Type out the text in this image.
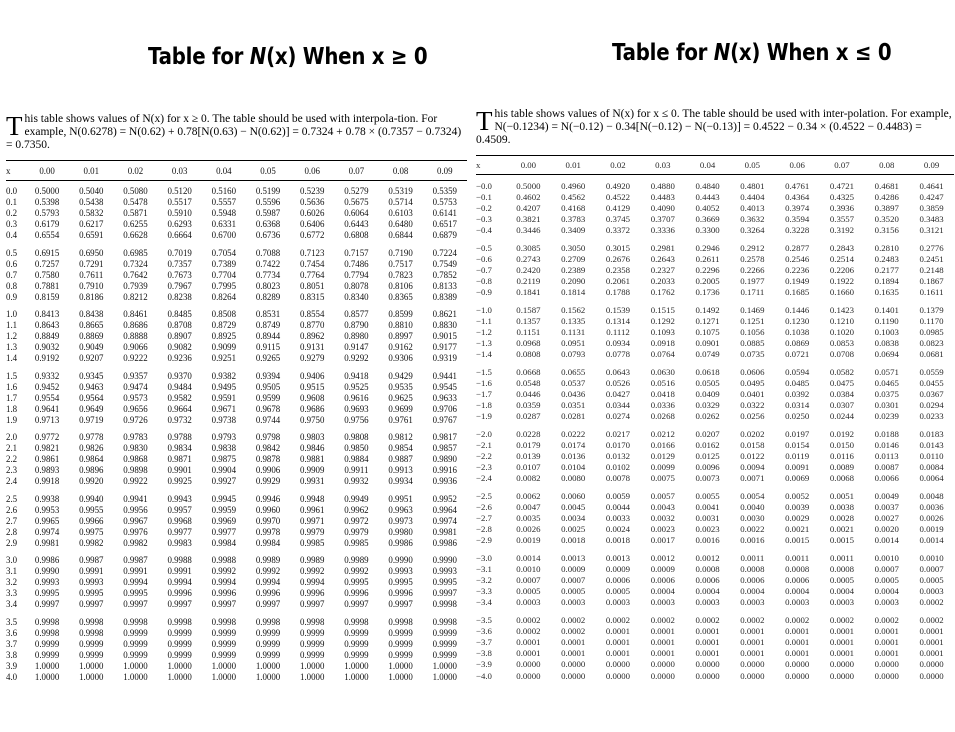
Table for N(x) When x ≥ 0
This table shows values of N(x) for x ≥ 0. The table should be used with interpola-tion. For example, N(0.6278) = N(0.62) + 0.78[N(0.63) − N(0.62)] = 0.7324 + 0.78 × (0.7357 − 0.7324) = 0.7350.
x	0.00	0.01	0.02	0.03	0.04	0.05	0.06	0.07	0.08	0.09
0.0	0.5000	0.5040	0.5080	0.5120	0.5160	0.5199	0.5239	0.5279	0.5319	0.5359
0.1	0.5398	0.5438	0.5478	0.5517	0.5557	0.5596	0.5636	0.5675	0.5714	0.5753
0.2	0.5793	0.5832	0.5871	0.5910	0.5948	0.5987	0.6026	0.6064	0.6103	0.6141
0.3	0.6179	0.6217	0.6255	0.6293	0.6331	0.6368	0.6406	0.6443	0.6480	0.6517
0.4	0.6554	0.6591	0.6628	0.6664	0.6700	0.6736	0.6772	0.6808	0.6844	0.6879
0.5	0.6915	0.6950	0.6985	0.7019	0.7054	0.7088	0.7123	0.7157	0.7190	0.7224
0.6	0.7257	0.7291	0.7324	0.7357	0.7389	0.7422	0.7454	0.7486	0.7517	0.7549
0.7	0.7580	0.7611	0.7642	0.7673	0.7704	0.7734	0.7764	0.7794	0.7823	0.7852
0.8	0.7881	0.7910	0.7939	0.7967	0.7995	0.8023	0.8051	0.8078	0.8106	0.8133
0.9	0.8159	0.8186	0.8212	0.8238	0.8264	0.8289	0.8315	0.8340	0.8365	0.8389
1.0	0.8413	0.8438	0.8461	0.8485	0.8508	0.8531	0.8554	0.8577	0.8599	0.8621
1.1	0.8643	0.8665	0.8686	0.8708	0.8729	0.8749	0.8770	0.8790	0.8810	0.8830
1.2	0.8849	0.8869	0.8888	0.8907	0.8925	0.8944	0.8962	0.8980	0.8997	0.9015
1.3	0.9032	0.9049	0.9066	0.9082	0.9099	0.9115	0.9131	0.9147	0.9162	0.9177
1.4	0.9192	0.9207	0.9222	0.9236	0.9251	0.9265	0.9279	0.9292	0.9306	0.9319
1.5	0.9332	0.9345	0.9357	0.9370	0.9382	0.9394	0.9406	0.9418	0.9429	0.9441
1.6	0.9452	0.9463	0.9474	0.9484	0.9495	0.9505	0.9515	0.9525	0.9535	0.9545
1.7	0.9554	0.9564	0.9573	0.9582	0.9591	0.9599	0.9608	0.9616	0.9625	0.9633
1.8	0.9641	0.9649	0.9656	0.9664	0.9671	0.9678	0.9686	0.9693	0.9699	0.9706
1.9	0.9713	0.9719	0.9726	0.9732	0.9738	0.9744	0.9750	0.9756	0.9761	0.9767
2.0	0.9772	0.9778	0.9783	0.9788	0.9793	0.9798	0.9803	0.9808	0.9812	0.9817
2.1	0.9821	0.9826	0.9830	0.9834	0.9838	0.9842	0.9846	0.9850	0.9854	0.9857
2.2	0.9861	0.9864	0.9868	0.9871	0.9875	0.9878	0.9881	0.9884	0.9887	0.9890
2.3	0.9893	0.9896	0.9898	0.9901	0.9904	0.9906	0.9909	0.9911	0.9913	0.9916
2.4	0.9918	0.9920	0.9922	0.9925	0.9927	0.9929	0.9931	0.9932	0.9934	0.9936
2.5	0.9938	0.9940	0.9941	0.9943	0.9945	0.9946	0.9948	0.9949	0.9951	0.9952
2.6	0.9953	0.9955	0.9956	0.9957	0.9959	0.9960	0.9961	0.9962	0.9963	0.9964
2.7	0.9965	0.9966	0.9967	0.9968	0.9969	0.9970	0.9971	0.9972	0.9973	0.9974
2.8	0.9974	0.9975	0.9976	0.9977	0.9977	0.9978	0.9979	0.9979	0.9980	0.9981
2.9	0.9981	0.9982	0.9982	0.9983	0.9984	0.9984	0.9985	0.9985	0.9986	0.9986
3.0	0.9986	0.9987	0.9987	0.9988	0.9988	0.9989	0.9989	0.9989	0.9990	0.9990
3.1	0.9990	0.9991	0.9991	0.9991	0.9992	0.9992	0.9992	0.9992	0.9993	0.9993
3.2	0.9993	0.9993	0.9994	0.9994	0.9994	0.9994	0.9994	0.9995	0.9995	0.9995
3.3	0.9995	0.9995	0.9995	0.9996	0.9996	0.9996	0.9996	0.9996	0.9996	0.9997
3.4	0.9997	0.9997	0.9997	0.9997	0.9997	0.9997	0.9997	0.9997	0.9997	0.9998
3.5	0.9998	0.9998	0.9998	0.9998	0.9998	0.9998	0.9998	0.9998	0.9998	0.9998
3.6	0.9998	0.9998	0.9999	0.9999	0.9999	0.9999	0.9999	0.9999	0.9999	0.9999
3.7	0.9999	0.9999	0.9999	0.9999	0.9999	0.9999	0.9999	0.9999	0.9999	0.9999
3.8	0.9999	0.9999	0.9999	0.9999	0.9999	0.9999	0.9999	0.9999	0.9999	0.9999
3.9	1.0000	1.0000	1.0000	1.0000	1.0000	1.0000	1.0000	1.0000	1.0000	1.0000
4.0	1.0000	1.0000	1.0000	1.0000	1.0000	1.0000	1.0000	1.0000	1.0000	1.0000
Table for N(x) When x ≤ 0
This table shows values of N(x) for x ≤ 0. The table should be used with inter-polation. For example, N(−0.1234) = N(−0.12) − 0.34[N(−0.12) − N(−0.13)] = 0.4522 − 0.34 × (0.4522 − 0.4483) = 0.4509.
x	0.00	0.01	0.02	0.03	0.04	0.05	0.06	0.07	0.08	0.09
−0.0	0.5000	0.4960	0.4920	0.4880	0.4840	0.4801	0.4761	0.4721	0.4681	0.4641
−0.1	0.4602	0.4562	0.4522	0.4483	0.4443	0.4404	0.4364	0.4325	0.4286	0.4247
−0.2	0.4207	0.4168	0.4129	0.4090	0.4052	0.4013	0.3974	0.3936	0.3897	0.3859
−0.3	0.3821	0.3783	0.3745	0.3707	0.3669	0.3632	0.3594	0.3557	0.3520	0.3483
−0.4	0.3446	0.3409	0.3372	0.3336	0.3300	0.3264	0.3228	0.3192	0.3156	0.3121
−0.5	0.3085	0.3050	0.3015	0.2981	0.2946	0.2912	0.2877	0.2843	0.2810	0.2776
−0.6	0.2743	0.2709	0.2676	0.2643	0.2611	0.2578	0.2546	0.2514	0.2483	0.2451
−0.7	0.2420	0.2389	0.2358	0.2327	0.2296	0.2266	0.2236	0.2206	0.2177	0.2148
−0.8	0.2119	0.2090	0.2061	0.2033	0.2005	0.1977	0.1949	0.1922	0.1894	0.1867
−0.9	0.1841	0.1814	0.1788	0.1762	0.1736	0.1711	0.1685	0.1660	0.1635	0.1611
−1.0	0.1587	0.1562	0.1539	0.1515	0.1492	0.1469	0.1446	0.1423	0.1401	0.1379
−1.1	0.1357	0.1335	0.1314	0.1292	0.1271	0.1251	0.1230	0.1210	0.1190	0.1170
−1.2	0.1151	0.1131	0.1112	0.1093	0.1075	0.1056	0.1038	0.1020	0.1003	0.0985
−1.3	0.0968	0.0951	0.0934	0.0918	0.0901	0.0885	0.0869	0.0853	0.0838	0.0823
−1.4	0.0808	0.0793	0.0778	0.0764	0.0749	0.0735	0.0721	0.0708	0.0694	0.0681
−1.5	0.0668	0.0655	0.0643	0.0630	0.0618	0.0606	0.0594	0.0582	0.0571	0.0559
−1.6	0.0548	0.0537	0.0526	0.0516	0.0505	0.0495	0.0485	0.0475	0.0465	0.0455
−1.7	0.0446	0.0436	0.0427	0.0418	0.0409	0.0401	0.0392	0.0384	0.0375	0.0367
−1.8	0.0359	0.0351	0.0344	0.0336	0.0329	0.0322	0.0314	0.0307	0.0301	0.0294
−1.9	0.0287	0.0281	0.0274	0.0268	0.0262	0.0256	0.0250	0.0244	0.0239	0.0233
−2.0	0.0228	0.0222	0.0217	0.0212	0.0207	0.0202	0.0197	0.0192	0.0188	0.0183
−2.1	0.0179	0.0174	0.0170	0.0166	0.0162	0.0158	0.0154	0.0150	0.0146	0.0143
−2.2	0.0139	0.0136	0.0132	0.0129	0.0125	0.0122	0.0119	0.0116	0.0113	0.0110
−2.3	0.0107	0.0104	0.0102	0.0099	0.0096	0.0094	0.0091	0.0089	0.0087	0.0084
−2.4	0.0082	0.0080	0.0078	0.0075	0.0073	0.0071	0.0069	0.0068	0.0066	0.0064
−2.5	0.0062	0.0060	0.0059	0.0057	0.0055	0.0054	0.0052	0.0051	0.0049	0.0048
−2.6	0.0047	0.0045	0.0044	0.0043	0.0041	0.0040	0.0039	0.0038	0.0037	0.0036
−2.7	0.0035	0.0034	0.0033	0.0032	0.0031	0.0030	0.0029	0.0028	0.0027	0.0026
−2.8	0.0026	0.0025	0.0024	0.0023	0.0023	0.0022	0.0021	0.0021	0.0020	0.0019
−2.9	0.0019	0.0018	0.0018	0.0017	0.0016	0.0016	0.0015	0.0015	0.0014	0.0014
−3.0	0.0014	0.0013	0.0013	0.0012	0.0012	0.0011	0.0011	0.0011	0.0010	0.0010
−3.1	0.0010	0.0009	0.0009	0.0009	0.0008	0.0008	0.0008	0.0008	0.0007	0.0007
−3.2	0.0007	0.0007	0.0006	0.0006	0.0006	0.0006	0.0006	0.0005	0.0005	0.0005
−3.3	0.0005	0.0005	0.0005	0.0004	0.0004	0.0004	0.0004	0.0004	0.0004	0.0003
−3.4	0.0003	0.0003	0.0003	0.0003	0.0003	0.0003	0.0003	0.0003	0.0003	0.0002
−3.5	0.0002	0.0002	0.0002	0.0002	0.0002	0.0002	0.0002	0.0002	0.0002	0.0002
−3.6	0.0002	0.0002	0.0001	0.0001	0.0001	0.0001	0.0001	0.0001	0.0001	0.0001
−3.7	0.0001	0.0001	0.0001	0.0001	0.0001	0.0001	0.0001	0.0001	0.0001	0.0001
−3.8	0.0001	0.0001	0.0001	0.0001	0.0001	0.0001	0.0001	0.0001	0.0001	0.0001
−3.9	0.0000	0.0000	0.0000	0.0000	0.0000	0.0000	0.0000	0.0000	0.0000	0.0000
−4.0	0.0000	0.0000	0.0000	0.0000	0.0000	0.0000	0.0000	0.0000	0.0000	0.0000
